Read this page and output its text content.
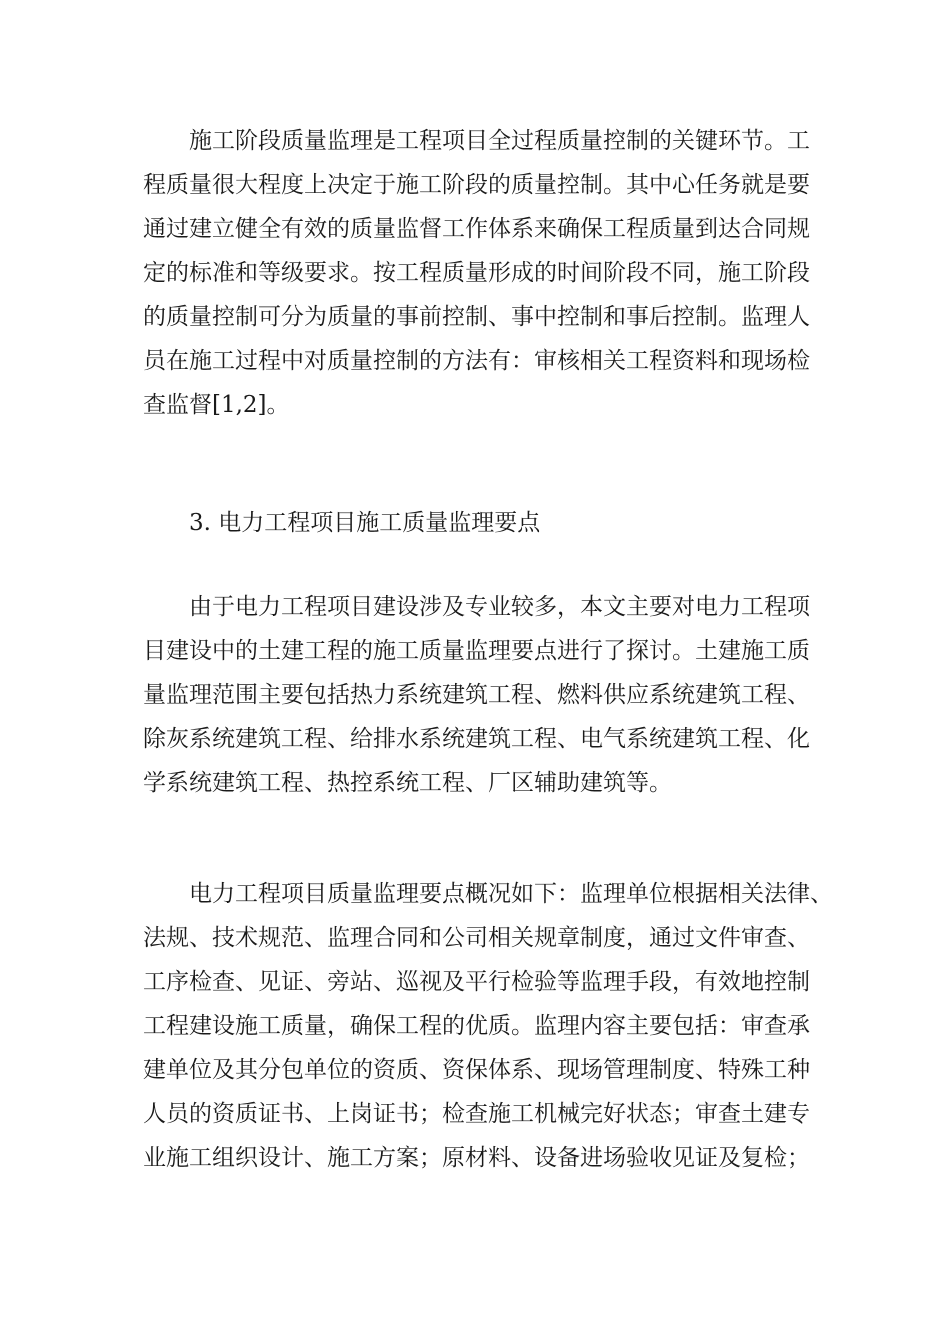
施工阶段质量监理是工程项目全过程质量控制的关键环节。工
程质量很大程度上决定于施工阶段的质量控制。其中心任务就是要
通过建立健全有效的质量监督工作体系来确保工程质量到达合同规
定的标准和等级要求。按工程质量形成的时间阶段不同，施工阶段
的质量控制可分为质量的事前控制、事中控制和事后控制。监理人
员在施工过程中对质量控制的方法有：审核相关工程资料和现场检
查监督[1,2]。
3. 电力工程项目施工质量监理要点
由于电力工程项目建设涉及专业较多，本文主要对电力工程项
目建设中的土建工程的施工质量监理要点进行了探讨。土建施工质
量监理范围主要包括热力系统建筑工程、燃料供应系统建筑工程、
除灰系统建筑工程、给排水系统建筑工程、电气系统建筑工程、化
学系统建筑工程、热控系统工程、厂区辅助建筑等。
电力工程项目质量监理要点概况如下：监理单位根据相关法律、
法规、技术规范、监理合同和公司相关规章制度，通过文件审查、
工序检查、见证、旁站、巡视及平行检验等监理手段，有效地控制
工程建设施工质量，确保工程的优质。监理内容主要包括：审查承
建单位及其分包单位的资质、资保体系、现场管理制度、特殊工种
人员的资质证书、上岗证书；检查施工机械完好状态；审查土建专
业施工组织设计、施工方案；原材料、设备进场验收见证及复检；
